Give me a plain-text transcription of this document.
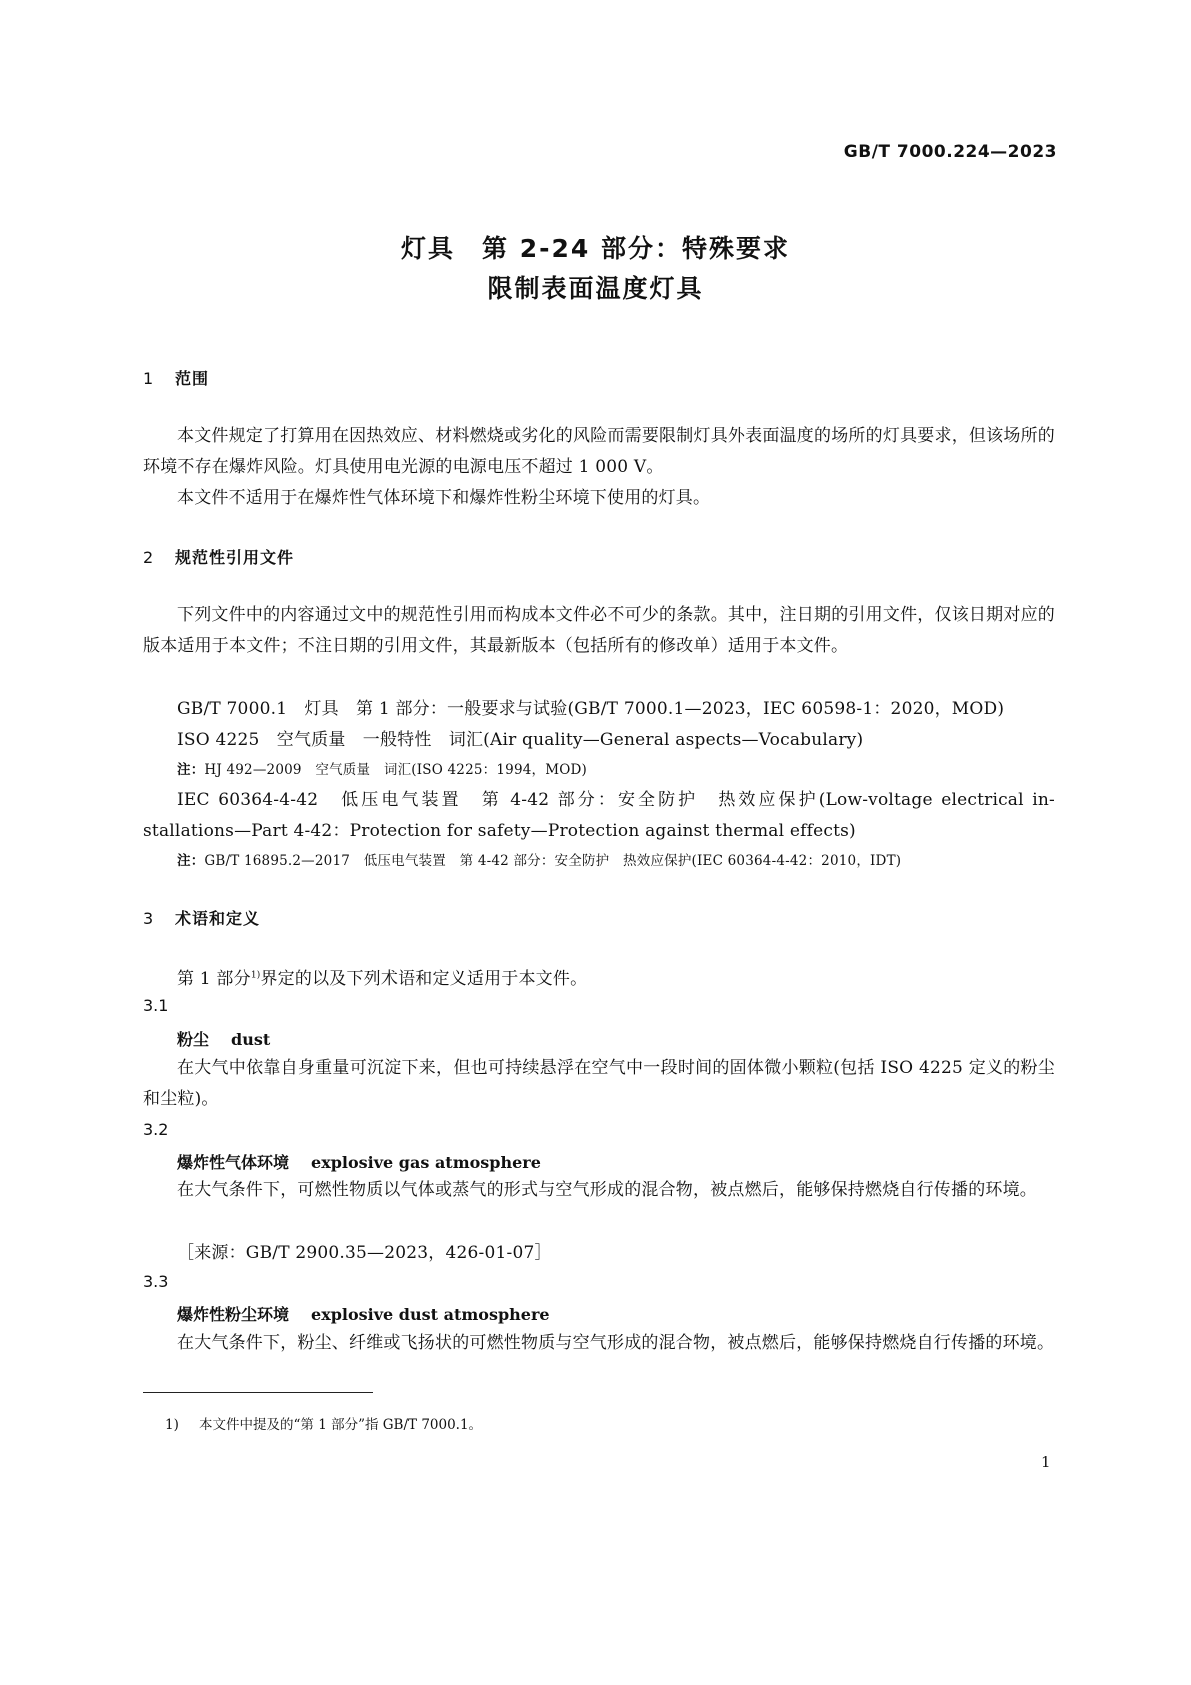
GB/T 7000.224—2023
灯具　第 2-24 部分：特殊要求
限制表面温度灯具
1 范围
本文件规定了打算用在因热效应、材料燃烧或劣化的风险而需要限制灯具外表面温度的场所的灯具要求，但该场所的环境不存在爆炸风险。灯具使用电光源的电源电压不超过 1 000 V。
本文件不适用于在爆炸性气体环境下和爆炸性粉尘环境下使用的灯具。
2 规范性引用文件
下列文件中的内容通过文中的规范性引用而构成本文件必不可少的条款。其中，注日期的引用文件，仅该日期对应的版本适用于本文件；不注日期的引用文件，其最新版本（包括所有的修改单）适用于本文件。
GB/T 7000.1　灯具　第 1 部分：一般要求与试验(GB/T 7000.1—2023，IEC 60598-1：2020，MOD)
ISO 4225　空气质量　一般特性　词汇(Air quality—General aspects—Vocabulary)
注：HJ 492—2009　空气质量　词汇(ISO 4225：1994，MOD)
IEC 60364-4-42　低压电气装置　第 4-42 部分：安全防护　热效应保护(Low-voltage electrical in-
stallations—Part 4-42：Protection for safety—Protection against thermal effects)
注：GB/T 16895.2—2017　低压电气装置　第 4-42 部分：安全防护　热效应保护(IEC 60364-4-42：2010，IDT)
3 术语和定义
第 1 部分$^{1)}$界定的以及下列术语和定义适用于本文件。
3.1
粉尘 dust
在大气中依靠自身重量可沉淀下来，但也可持续悬浮在空气中一段时间的固体微小颗粒(包括 ISO 4225 定义的粉尘和尘粒)。
3.2
爆炸性气体环境 explosive gas atmosphere
在大气条件下，可燃性物质以气体或蒸气的形式与空气形成的混合物，被点燃后，能够保持燃烧自行传播的环境。
［来源：GB/T 2900.35—2023，426-01-07］
3.3
爆炸性粉尘环境 explosive dust atmosphere
在大气条件下，粉尘、纤维或飞扬状的可燃性物质与空气形成的混合物，被点燃后，能够保持燃烧自行传播的环境。
1) 本文件中提及的“第 1 部分”指 GB/T 7000.1。
1
